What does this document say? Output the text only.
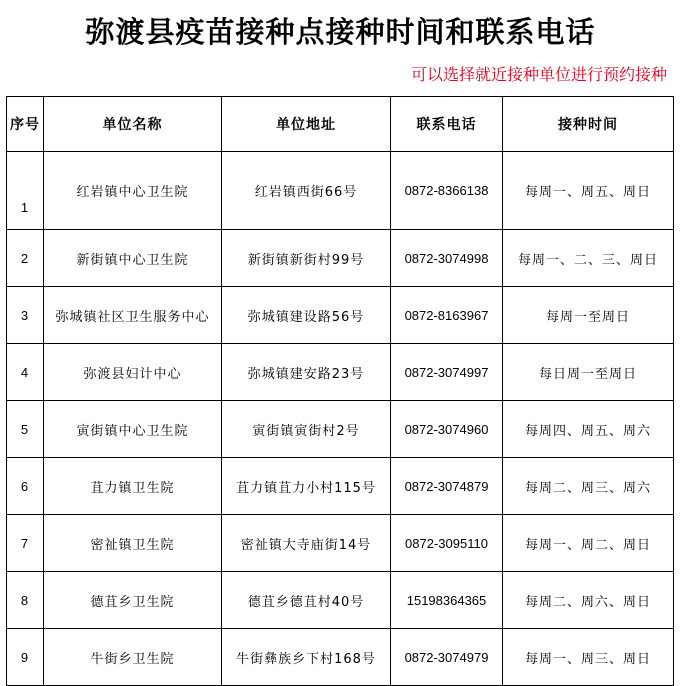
弥渡县疫苗接种点接种时间和联系电话
可以选择就近接种单位进行预约接种
序号	单位名称	单位地址	联系电话	接种时间
1	红岩镇中心卫生院	红岩镇西街66号	0872-8366138	每周一、周五、周日
2	新街镇中心卫生院	新街镇新街村99号	0872-3074998	每周一、二、三、周日
3	弥城镇社区卫生服务中心	弥城镇建设路56号	0872-8163967	每周一至周日
4	弥渡县妇计中心	弥城镇建安路23号	0872-3074997	每日周一至周日
5	寅街镇中心卫生院	寅街镇寅街村2号	0872-3074960	每周四、周五、周六
6	苴力镇卫生院	苴力镇苴力小村115号	0872-3074879	每周二、周三、周六
7	密祉镇卫生院	密祉镇大寺庙街14号	0872-3095110	每周一、周二、周日
8	德苴乡卫生院	德苴乡德苴村40号	15198364365	每周二、周六、周日
9	牛街乡卫生院	牛街彝族乡下村168号	0872-3074979	每周一、周三、周日
